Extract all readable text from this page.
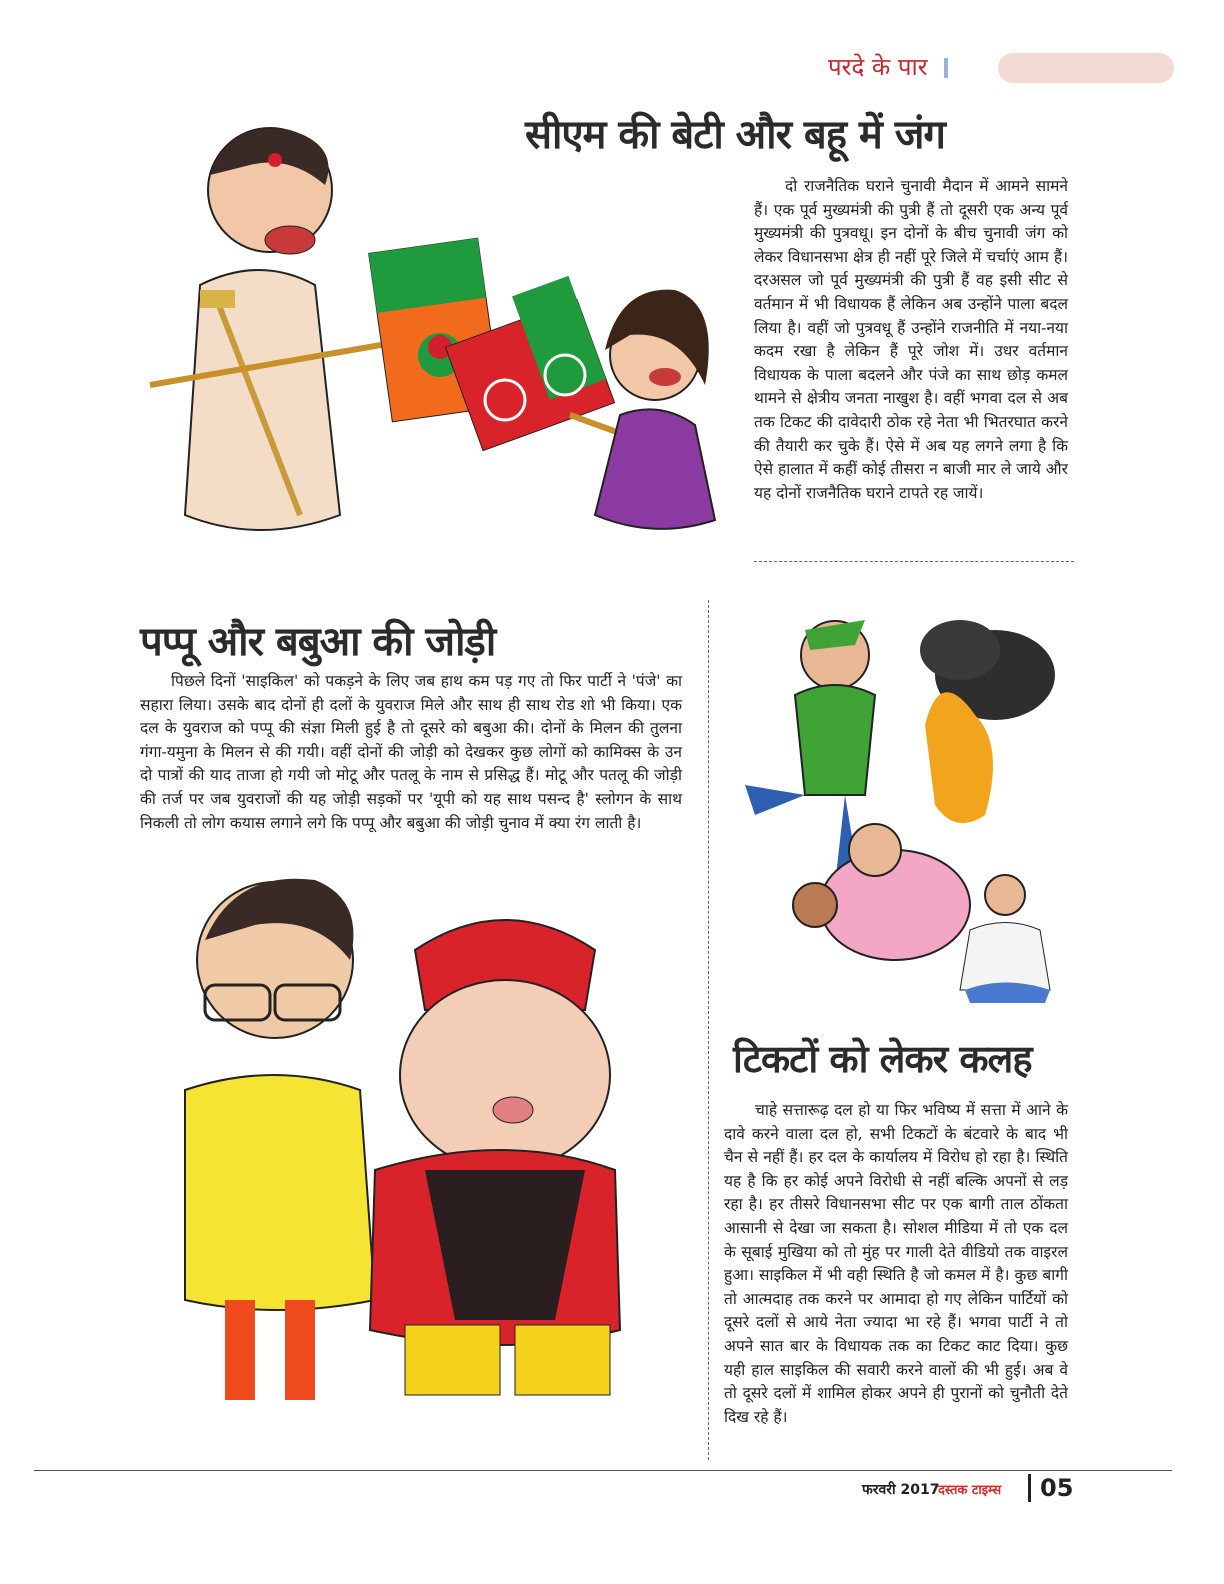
परदे के पार
सीएम की बेटी और बहू में जंग

दो राजनैतिक घराने चुनावी मैदान में आमने सामने हैं। एक पूर्व मुख्यमंत्री की पुत्री हैं तो दूसरी एक अन्य पूर्व मुख्यमंत्री की पुत्रवधू। इन दोनों के बीच चुनावी जंग को लेकर विधानसभा क्षेत्र ही नहीं पूरे जिले में चर्चाएं आम हैं। दरअसल जो पूर्व मुख्यमंत्री की पुत्री हैं वह इसी सीट से वर्तमान में भी विधायक हैं लेकिन अब उन्होंने पाला बदल लिया है। वहीं जो पुत्रवधू हैं उन्होंने राजनीति में नया-नया कदम रखा है लेकिन हैं पूरे जोश में। उधर वर्तमान विधायक के पाला बदलने और पंजे का साथ छोड़ कमल थामने से क्षेत्रीय जनता नाखुश है। वहीं भगवा दल से अब तक टिकट की दावेदारी ठोक रहे नेता भी भितरघात करने की तैयारी कर चुके हैं। ऐसे में अब यह लगने लगा है कि ऐसे हालात में कहीं कोई तीसरा न बाजी मार ले जाये और यह दोनों राजनैतिक घराने टापते रह जायें।

पप्पू और बबुआ की जोड़ी

पिछले दिनों 'साइकिल' को पकड़ने के लिए जब हाथ कम पड़ गए तो फिर पार्टी ने 'पंजे' का सहारा लिया। उसके बाद दोनों ही दलों के युवराज मिले और साथ ही साथ रोड शो भी किया। एक दल के युवराज को पप्पू की संज्ञा मिली हुई है तो दूसरे को बबुआ की। दोनों के मिलन की तुलना गंगा-यमुना के मिलन से की गयी। वहीं दोनों की जोड़ी को देखकर कुछ लोगों को कामिक्स के उन दो पात्रों की याद ताजा हो गयी जो मोटू और पतलू के नाम से प्रसिद्ध हैं। मोटू और पतलू की जोड़ी की तर्ज पर जब युवराजों की यह जोड़ी सड़कों पर 'यूपी को यह साथ पसन्द है' स्लोगन के साथ निकली तो लोग कयास लगाने लगे कि पप्पू और बबुआ की जोड़ी चुनाव में क्या रंग लाती है।

टिकटों को लेकर कलह

चाहे सत्तारूढ़ दल हो या फिर भविष्य में सत्ता में आने के दावे करने वाला दल हो, सभी टिकटों के बंटवारे के बाद भी चैन से नहीं हैं। हर दल के कार्यालय में विरोध हो रहा है। स्थिति यह है कि हर कोई अपने विरोधी से नहीं बल्कि अपनों से लड़ रहा है। हर तीसरे विधानसभा सीट पर एक बागी ताल ठोंकता आसानी से देखा जा सकता है। सोशल मीडिया में तो एक दल के सूबाई मुखिया को तो मुंह पर गाली देते वीडियो तक वाइरल हुआ। साइकिल में भी वही स्थिति है जो कमल में है। कुछ बागी तो आत्मदाह तक करने पर आमादा हो गए लेकिन पार्टियों को दूसरे दलों से आये नेता ज्यादा भा रहे हैं। भगवा पार्टी ने तो अपने सात बार के विधायक तक का टिकट काट दिया। कुछ यही हाल साइकिल की सवारी करने वालों की भी हुई। अब वे तो दूसरे दलों में शामिल होकर अपने ही पुरानों को चुनौती देते दिख रहे हैं।

फरवरी 2017
दस्तक टाइम्स 05
